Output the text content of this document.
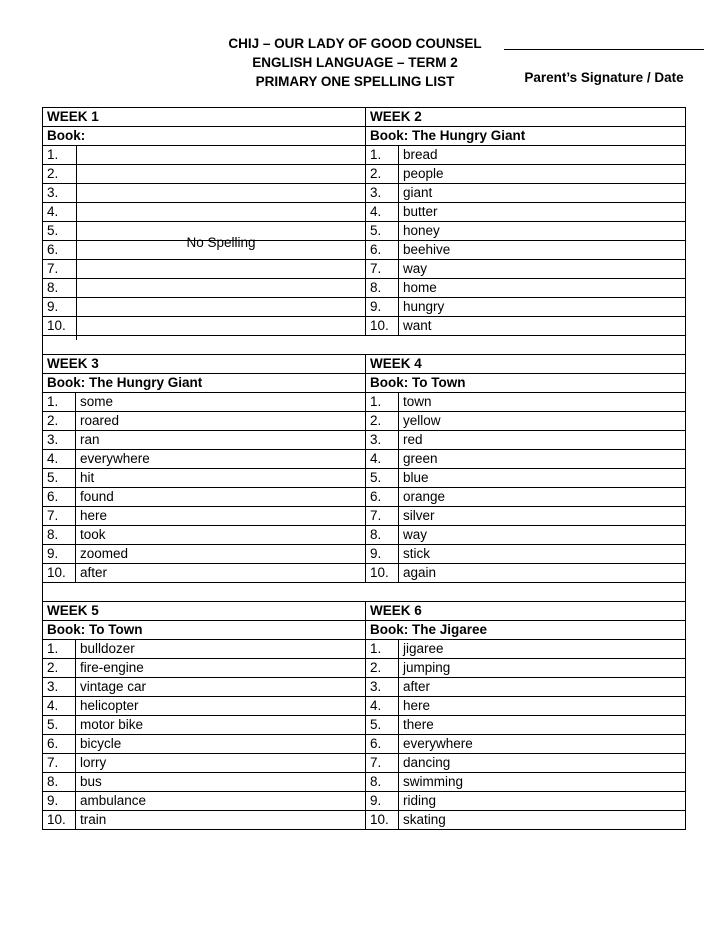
CHIJ – OUR LADY OF GOOD COUNSEL
ENGLISH LANGUAGE – TERM 2
PRIMARY ONE SPELLING LIST	Parent’s Signature / Date
WEEK 1		WEEK 2	
Book:		Book: The Hungry Giant	
1.		1.	bread
2.		2.	people
3.		3.	giant
4.		4.	butter
5.		5.	honey
6.		6.	beehive
7.		7.	way
8.		8.	home
9.		9.	hungry
10.		10.	want

WEEK 3		WEEK 4	
Book: The Hungry Giant		Book: To Town	
1.	some	1.	town
2.	roared	2.	yellow
3.	ran	3.	red
4.	everywhere	4.	green
5.	hit	5.	blue
6.	found	6.	orange
7.	here	7.	silver
8.	took	8.	way
9.	zoomed	9.	stick
10.	after	10.	again

WEEK 5		WEEK 6	
Book: To Town		Book: The Jigaree	
1.	bulldozer	1.	jigaree
2.	fire-engine	2.	jumping
3.	vintage car	3.	after
4.	helicopter	4.	here
5.	motor bike	5.	there
6.	bicycle	6.	everywhere
7.	lorry	7.	dancing
8.	bus	8.	swimming
9.	ambulance	9.	riding
10.	train	10.	skating
No Spelling
